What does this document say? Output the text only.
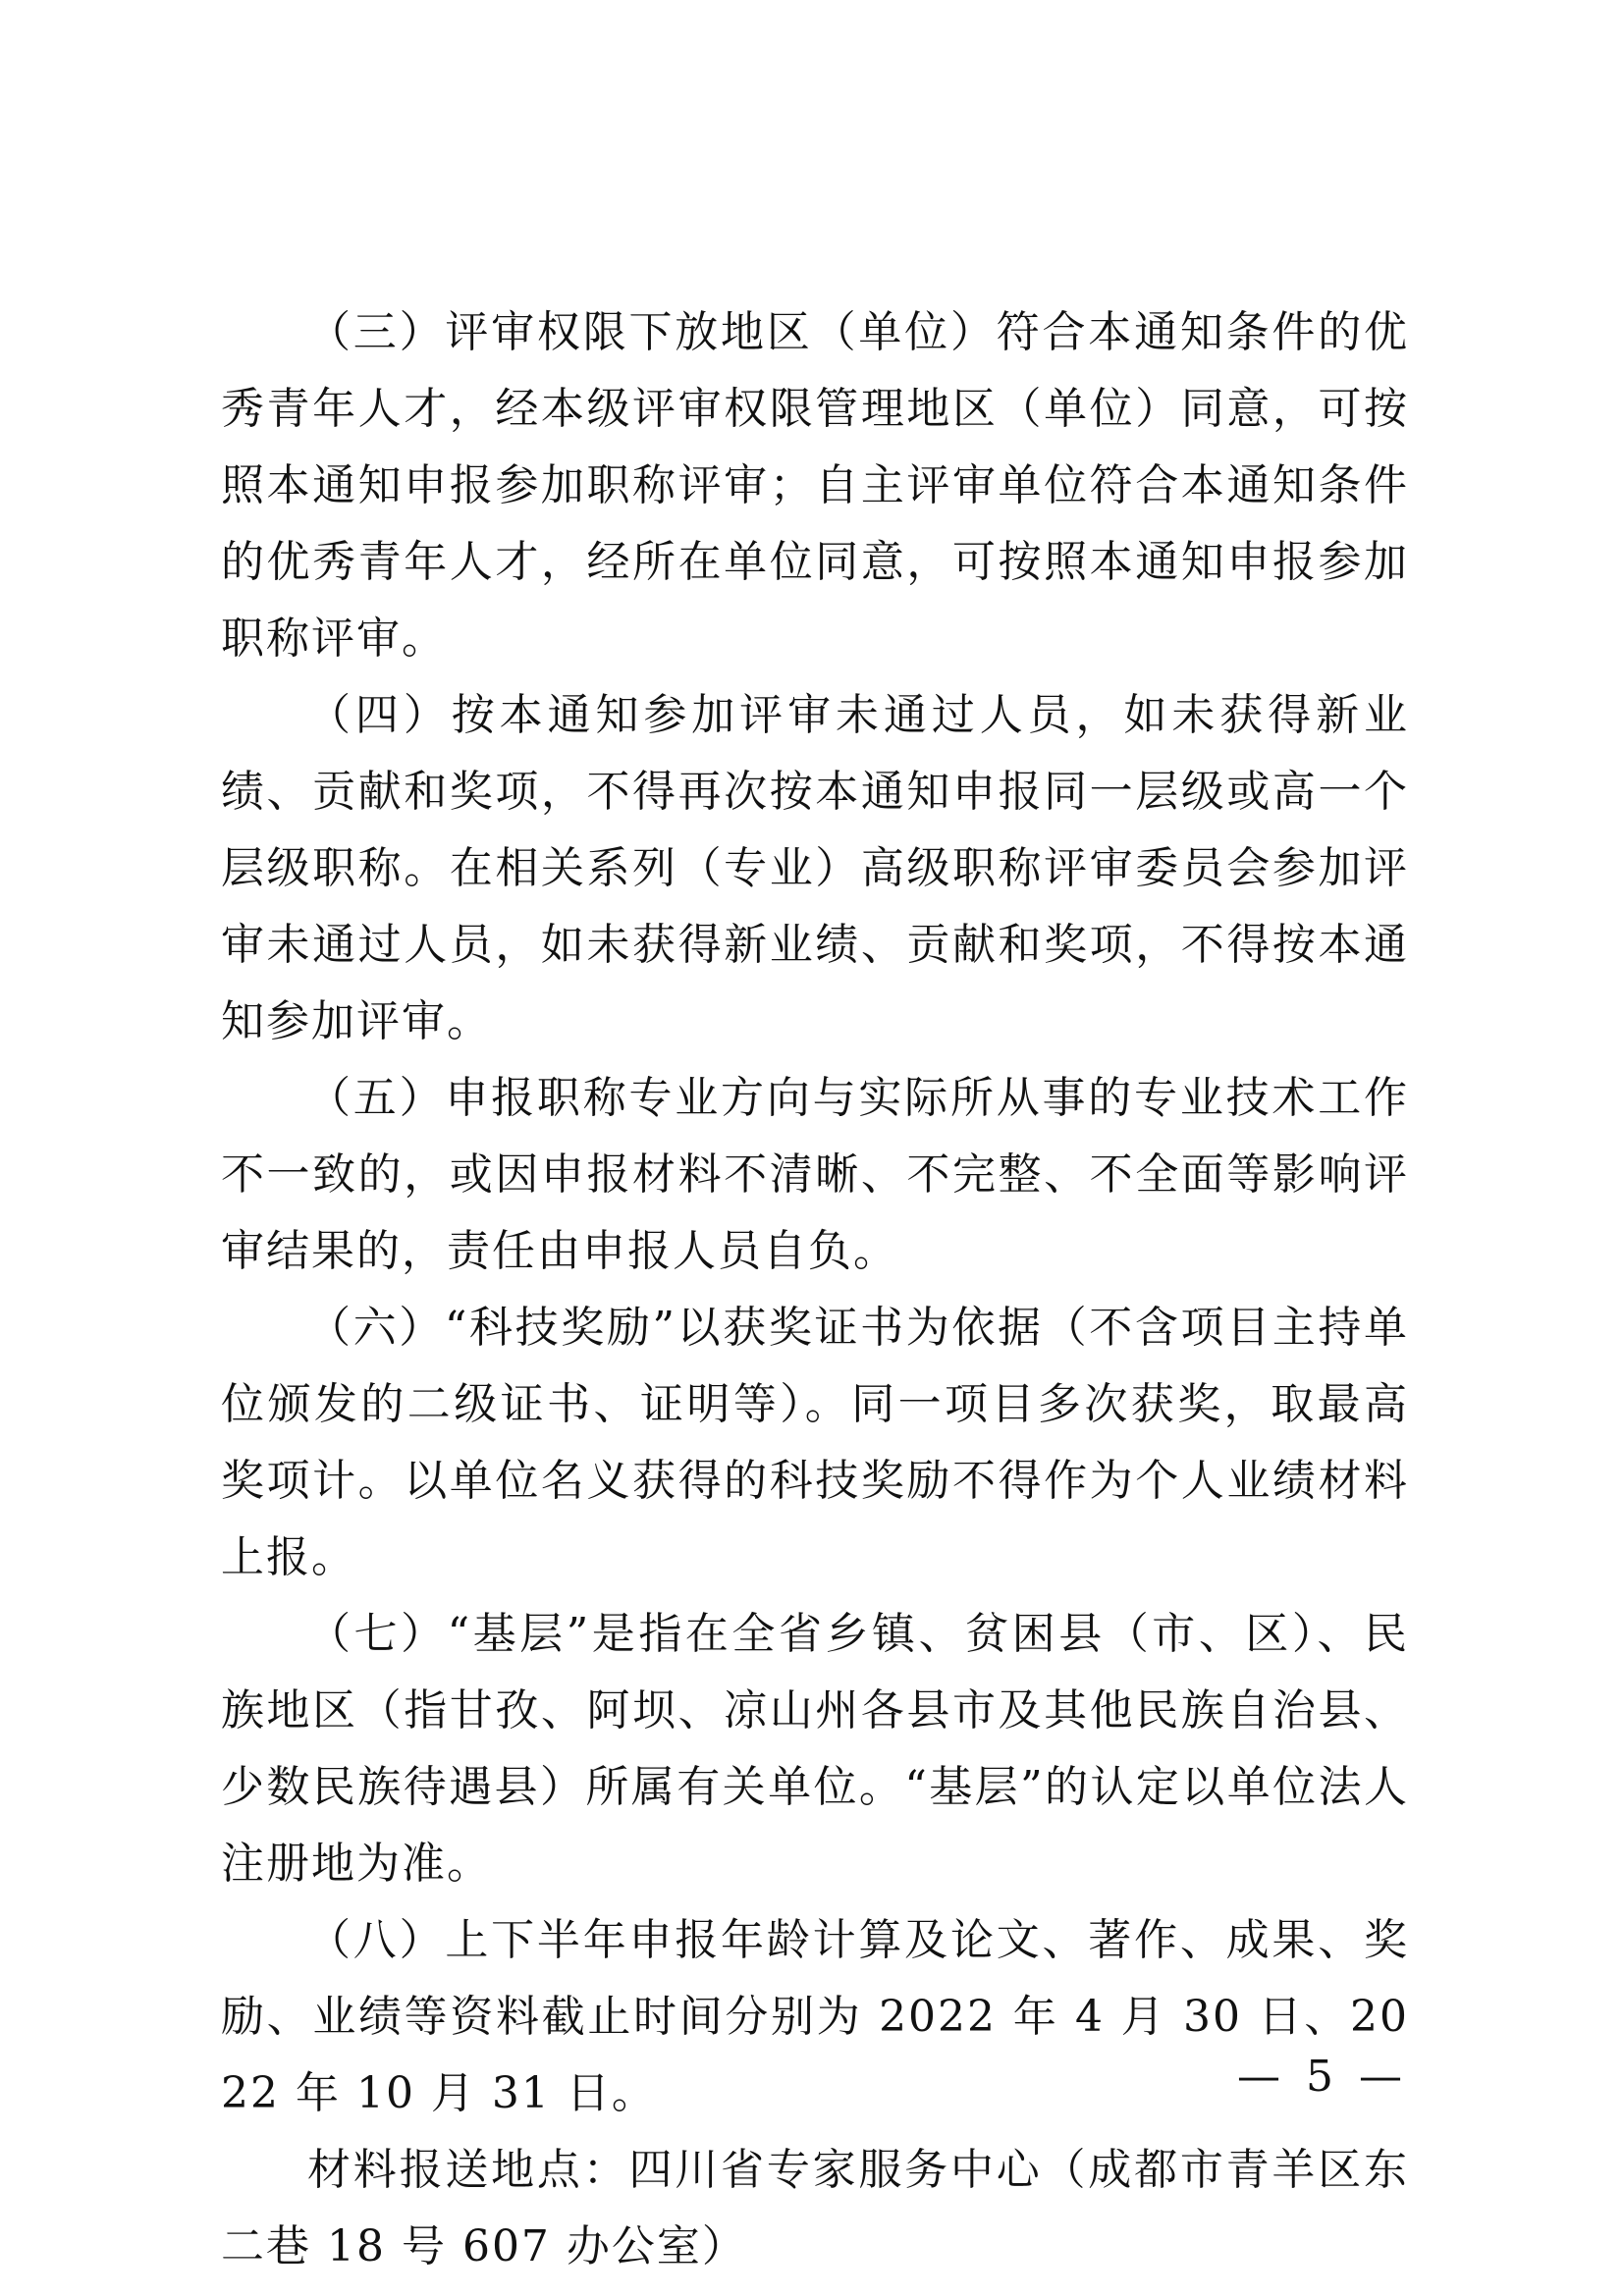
（三）评审权限下放地区（单位）符合本通知条件的优秀青年人才，经本级评审权限管理地区（单位）同意，可按照本通知申报参加职称评审；自主评审单位符合本通知条件的优秀青年人才，经所在单位同意，可按照本通知申报参加职称评审。

（四）按本通知参加评审未通过人员，如未获得新业绩、贡献和奖项，不得再次按本通知申报同一层级或高一个层级职称。在相关系列（专业）高级职称评审委员会参加评审未通过人员，如未获得新业绩、贡献和奖项，不得按本通知参加评审。

（五）申报职称专业方向与实际所从事的专业技术工作不一致的，或因申报材料不清晰、不完整、不全面等影响评审结果的，责任由申报人员自负。

（六）“科技奖励”以获奖证书为依据（不含项目主持单位颁发的二级证书、证明等）。同一项目多次获奖，取最高奖项计。以单位名义获得的科技奖励不得作为个人业绩材料上报。

（七）“基层”是指在全省乡镇、贫困县（市、区）、民族地区（指甘孜、阿坝、凉山州各县市及其他民族自治县、少数民族待遇县）所属有关单位。“基层”的认定以单位法人注册地为准。

（八）上下半年申报年龄计算及论文、著作、成果、奖励、业绩等资料截止时间分别为 2022 年 4 月 30 日、2022 年 10 月 31 日。

材料报送地点：四川省专家服务中心（成都市青羊区东二巷 18 号 607 办公室）

— 5 —
